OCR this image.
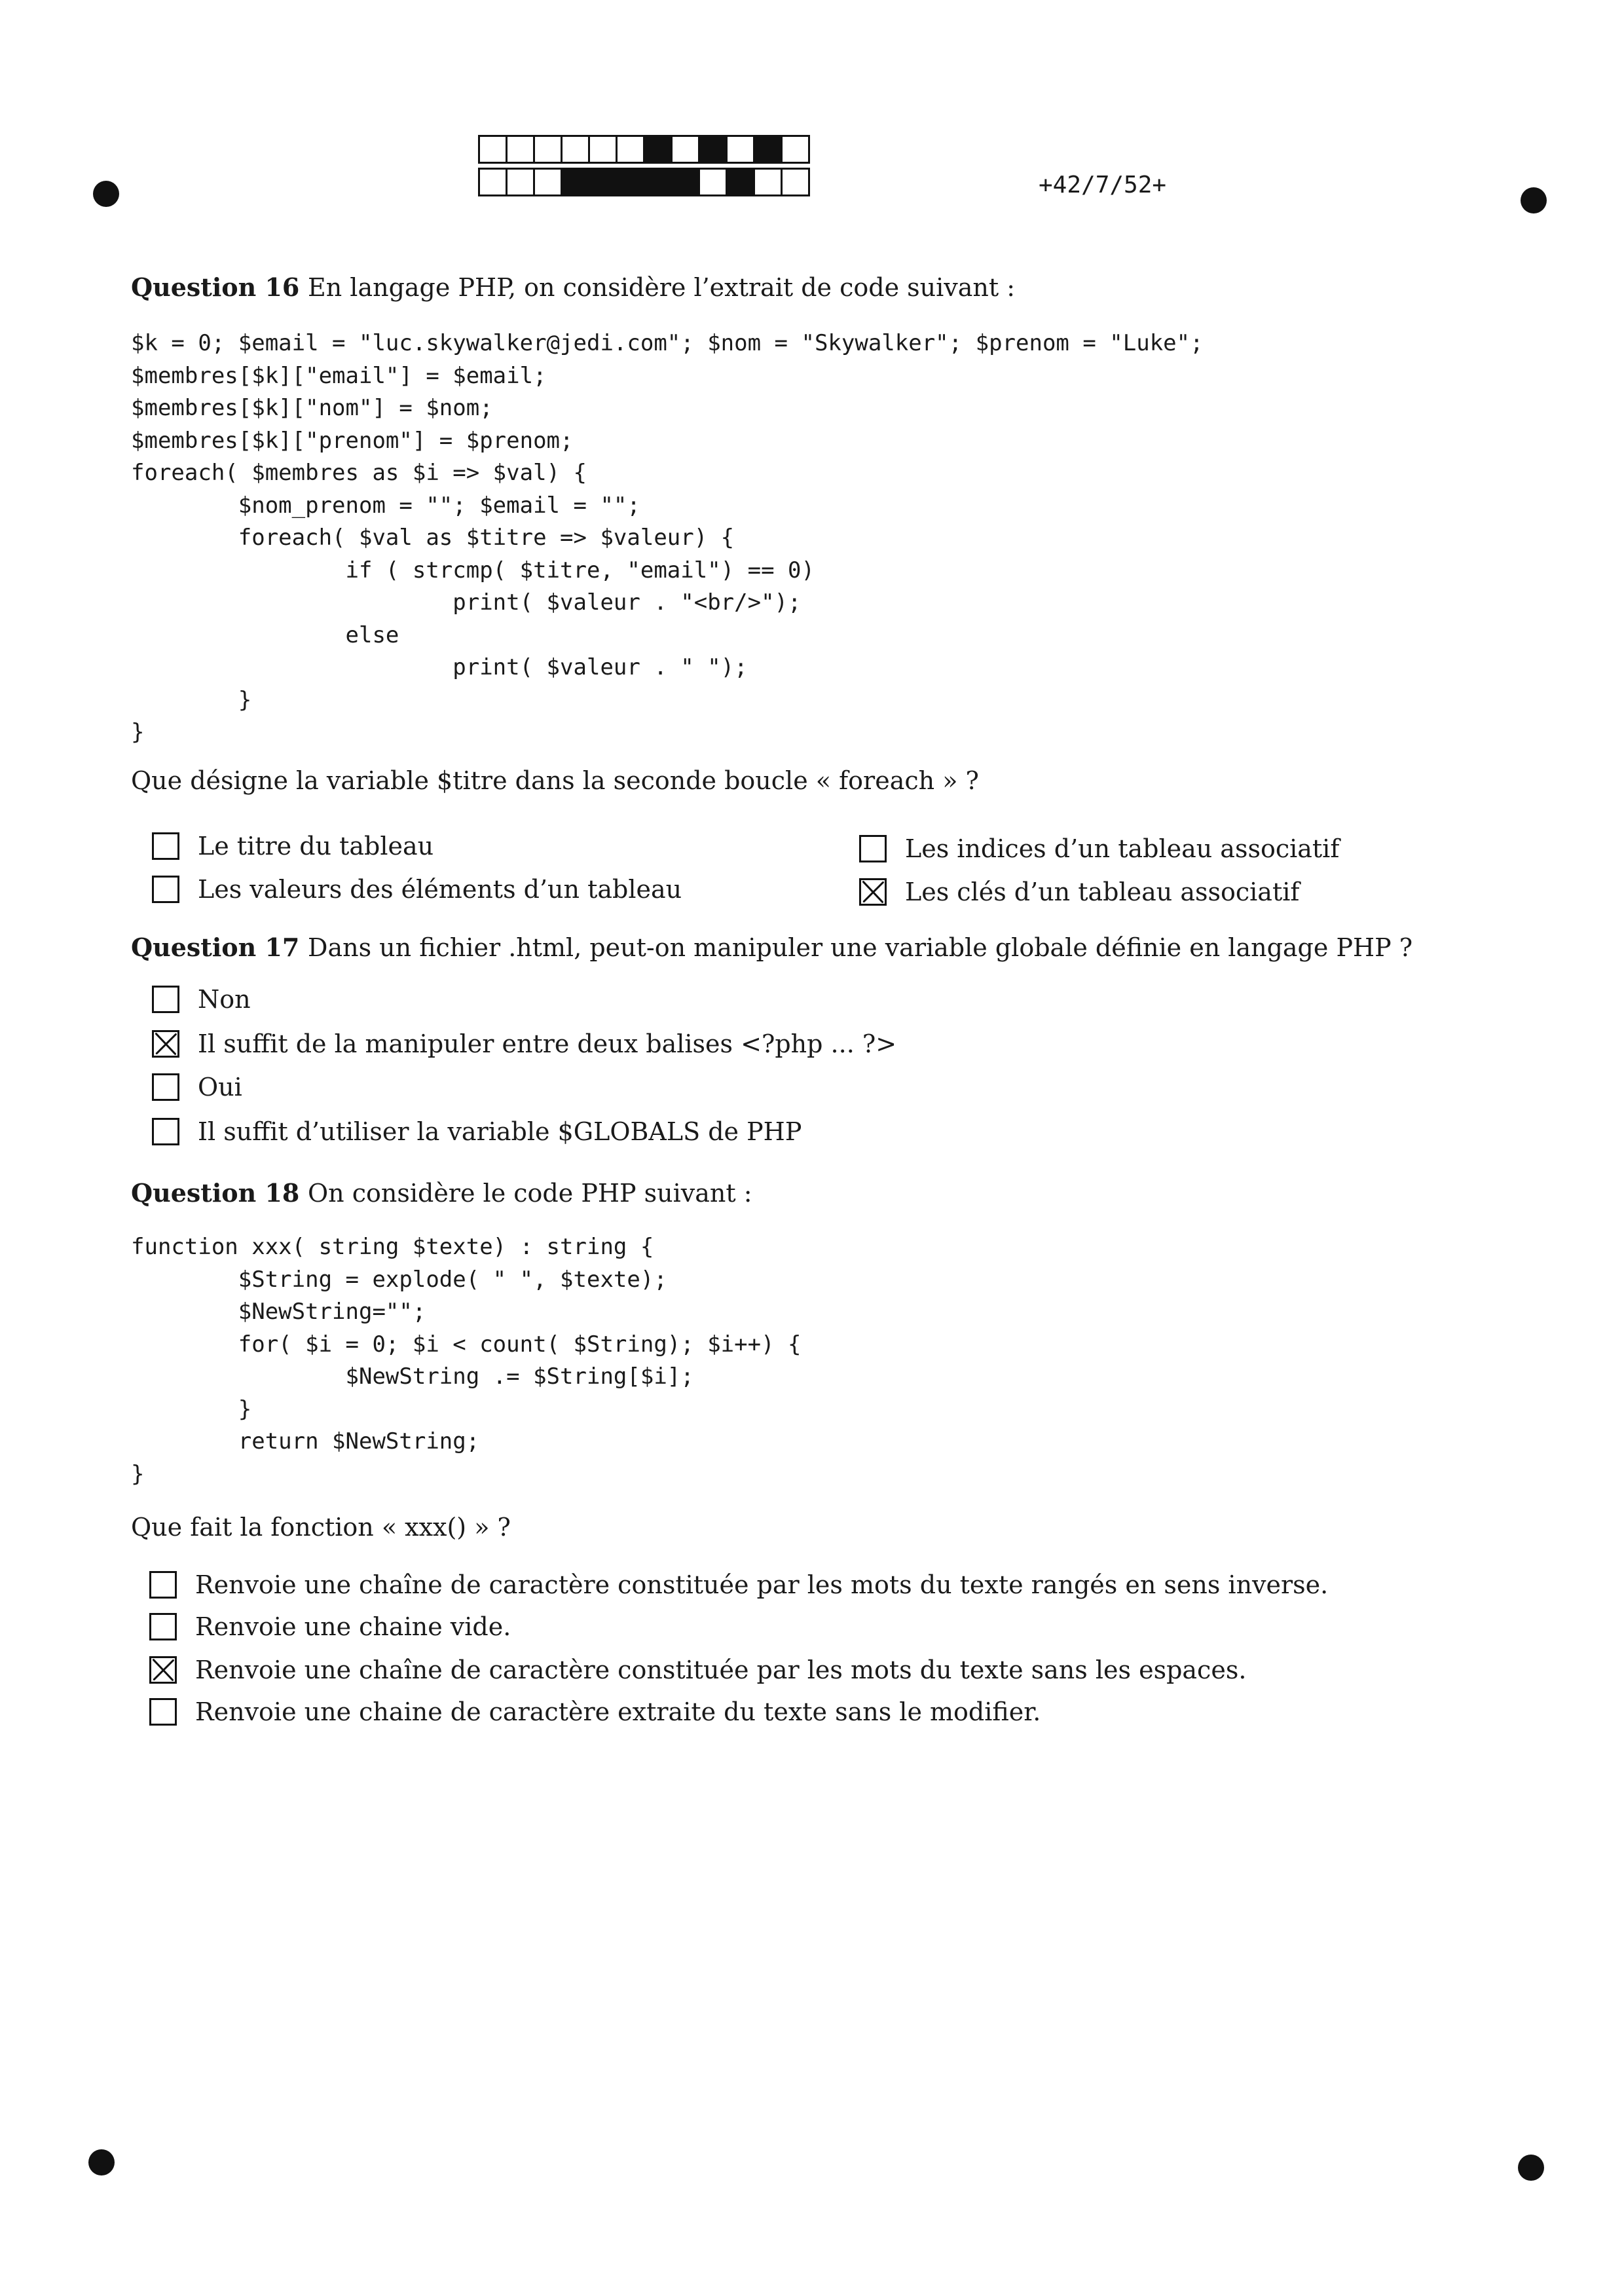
+42/7/52+
Question 16 En langage PHP, on considère l’extrait de code suivant :
$k = 0; $email = "luc.skywalker@jedi.com"; $nom = "Skywalker"; $prenom = "Luke";
$membres[$k]["email"] = $email;
$membres[$k]["nom"] = $nom;
$membres[$k]["prenom"] = $prenom;
foreach( $membres as $i => $val) {
$nom_prenom = ""; $email = "";
foreach( $val as $titre => $valeur) {
if ( strcmp( $titre, "email") == 0)
print( $valeur . "<br/>");
else
print( $valeur . " ");
}
}
Que désigne la variable $titre dans la seconde boucle « foreach » ?
Le titre du tableau
Les valeurs des éléments d’un tableau
Les indices d’un tableau associatif
Les clés d’un tableau associatif
Question 17 Dans un fichier .html, peut-on manipuler une variable globale définie en langage PHP ?
Non
Il suffit de la manipuler entre deux balises <?php ... ?>
Oui
Il suffit d’utiliser la variable $GLOBALS de PHP
Question 18 On considère le code PHP suivant :
function xxx( string $texte) : string {
$String = explode( " ", $texte);
$NewString="";
for( $i = 0; $i < count( $String); $i++) {
$NewString .= $String[$i];
}
return $NewString;
}
Que fait la fonction « xxx() » ?
Renvoie une chaîne de caractère constituée par les mots du texte rangés en sens inverse.
Renvoie une chaine vide.
Renvoie une chaîne de caractère constituée par les mots du texte sans les espaces.
Renvoie une chaine de caractère extraite du texte sans le modifier.
